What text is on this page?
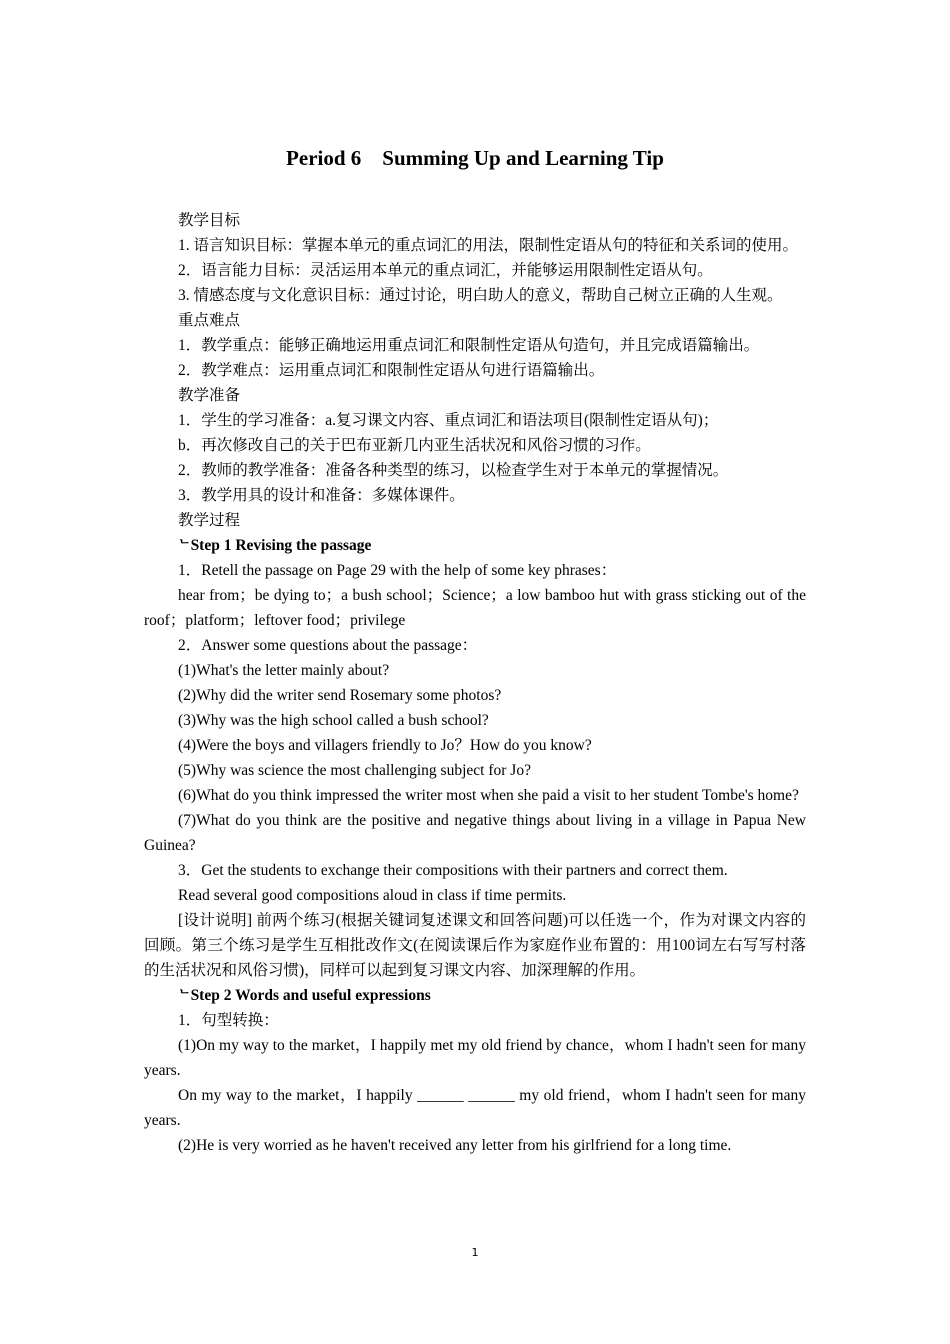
Period 6    Summing Up and Learning Tip

教学目标

1. 语言知识目标：掌握本单元的重点词汇的用法，限制性定语从句的特征和关系词的使用。

2．语言能力目标：灵活运用本单元的重点词汇，并能够运用限制性定语从句。

3. 情感态度与文化意识目标：通过讨论，明白助人的意义，帮助自己树立正确的人生观。

重点难点

1．教学重点：能够正确地运用重点词汇和限制性定语从句造句，并且完成语篇输出。

2．教学难点：运用重点词汇和限制性定语从句进行语篇输出。

教学准备

1．学生的学习准备：a.复习课文内容、重点词汇和语法项目(限制性定语从句)；

b．再次修改自己的关于巴布亚新几内亚生活状况和风俗习惯的习作。

2．教师的教学准备：准备各种类型的练习，以检查学生对于本单元的掌握情况。

3．教学用具的设计和准备：多媒体课件。

教学过程

ᄂStep 1 Revising the passage

1．Retell the passage on Page 29 with the help of some key phrases：

hear from；be dying to；a bush school；Science；a low bamboo hut with grass sticking out of the roof；platform；leftover food；privilege

2．Answer some questions about the passage：

(1)What's the letter mainly about?

(2)Why did the writer send Rosemary some photos?

(3)Why was the high school called a bush school?

(4)Were the boys and villagers friendly to Jo？How do you know?

(5)Why was science the most challenging subject for Jo?

(6)What do you think impressed the writer most when she paid a visit to her student Tombe's home?

(7)What do you think are the positive and negative things about living in a village in Papua New Guinea?

3．Get the students to exchange their compositions with their partners and correct them.

Read several good compositions aloud in class if time permits.

[设计说明] 前两个练习(根据关键词复述课文和回答问题)可以任选一个，作为对课文内容的回顾。第三个练习是学生互相批改作文(在阅读课后作为家庭作业布置的：用100词左右写写村落的生活状况和风俗习惯)，同样可以起到复习课文内容、加深理解的作用。

ᄂStep 2 Words and useful expressions

1．句型转换：

(1)On my way to the market，I happily met my old friend by chance，whom I hadn't seen for many years.

On my way to the market，I happily ______ ______ my old friend，whom I hadn't seen for many years.

(2)He is very worried as he haven't received any letter from his girlfriend for a long time.

1
